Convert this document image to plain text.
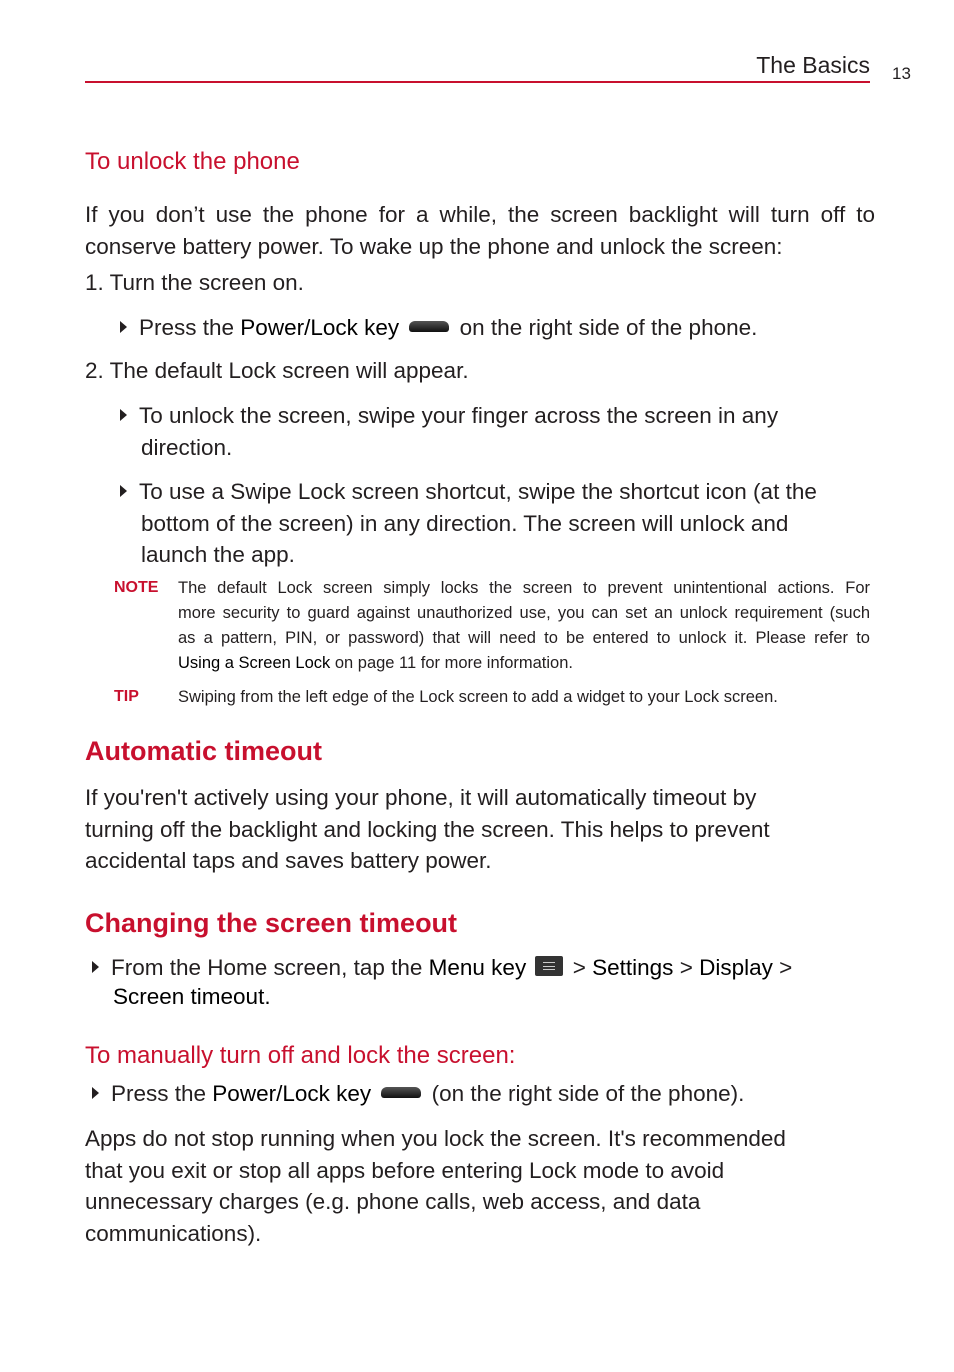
The Basics 13
To unlock the phone
If you don’t use the phone for a while, the screen backlight will turn off to
conserve battery power. To wake up the phone and unlock the screen:
1. Turn the screen on.
Press the Power/Lock key	on the right side of the phone.
2. The default Lock screen will appear.
To unlock the screen, swipe your finger across the screen in any
direction.
To use a Swipe Lock screen shortcut, swipe the shortcut icon (at the
bottom of the screen) in any direction. The screen will unlock and
launch the app.
NOTE The default Lock screen simply locks the screen to prevent unintentional actions. For
more security to guard against unauthorized use, you can set an unlock requirement (such
as a pattern, PIN, or password) that will need to be entered to unlock it. Please refer to
Using a Screen Lock on page 11 for more information.
TIP Swiping from the left edge of the Lock screen to add a widget to your Lock screen.
Automatic timeout
If you'ren't actively using your phone, it will automatically timeout by
turning off the backlight and locking the screen. This helps to prevent
accidental taps and saves battery power.
Changing the screen timeout
From the Home screen, tap the Menu key  > Settings > Display >
Screen timeout.
To manually turn off and lock the screen:
Press the Power/Lock key	(on the right side of the phone).
Apps do not stop running when you lock the screen. It's recommended
that you exit or stop all apps before entering Lock mode to avoid
unnecessary charges (e.g. phone calls, web access, and data
communications).
